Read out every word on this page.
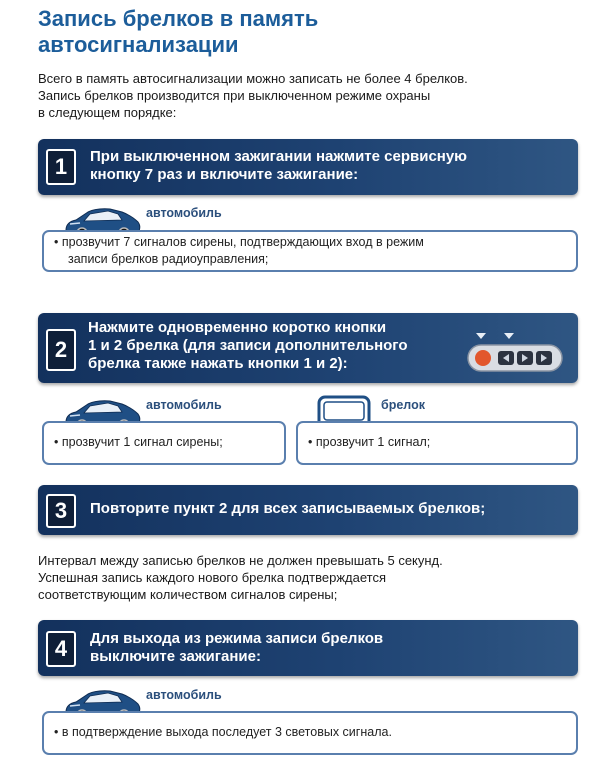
Запись брелков в память
автосигнализации
Всего в память автосигнализации можно записать не более 4 брелков.
Запись брелков производится при выключенном режиме охраны
в следующем порядке:
1	При выключенном зажигании нажмите сервисную
кнопку 7 раз и включите зажигание:
автомобиль
• прозвучит 7 сигналов сирены, подтверждающих вход в режим
записи брелков радиоуправления;
2
Нажмите одновременно коротко кнопки
1 и 2 брелка (для записи дополнительного
брелка также нажать кнопки 1 и 2):
автомобиль	брелок
• прозвучит 1 сигнал сирены;	• прозвучит 1 сигнал;
3	Повторите пункт 2 для всех записываемых брелков;
Интервал между записью брелков не должен превышать 5 секунд.
Успешная запись каждого нового брелка подтверждается
соответствующим количеством сигналов сирены;
4	Для выхода из режима записи брелков
выключите зажигание:
автомобиль
• в подтверждение выхода последует 3 световых сигнала.
